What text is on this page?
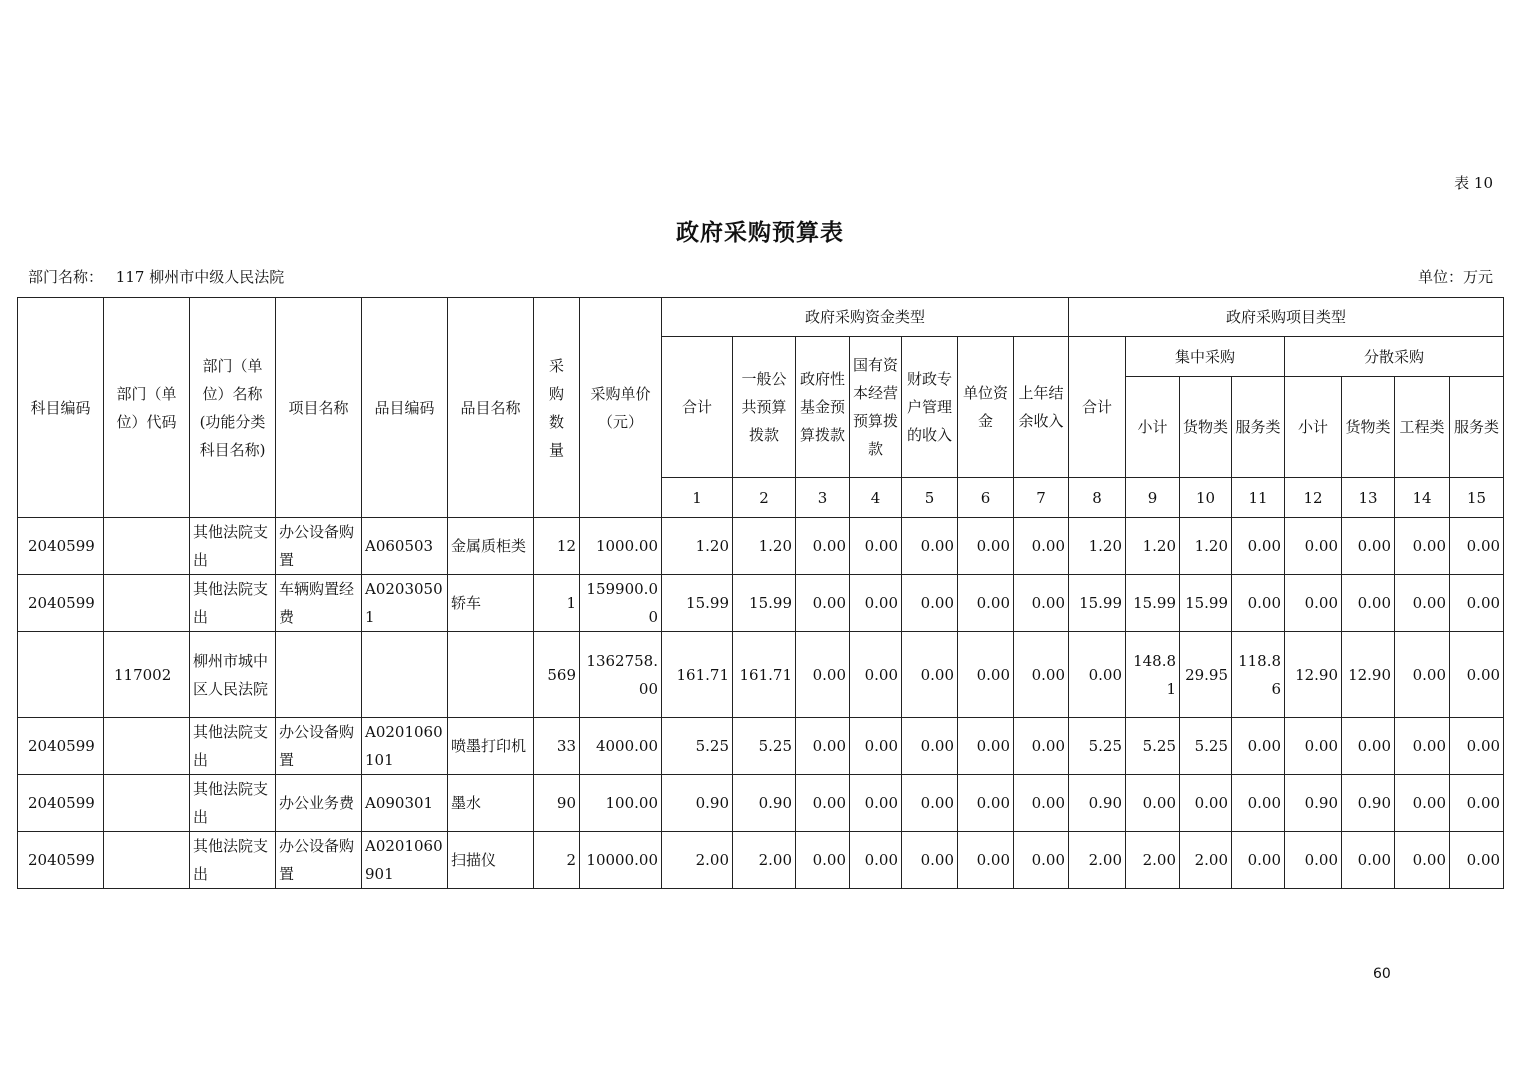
表 10
政府采购预算表
部门名称： 117 柳州市中级人民法院	单位：万元
科目编码	部门（单位）代码	部门（单位）名称(功能分类科目名称)	项目名称	品目编码	品目名称	采购数量	采购单价（元）	政府采购资金类型							政府采购项目类型							
								合计	一般公共预算拨款	政府性基金预算拨款	国有资本经营预算拨款	财政专户管理的收入	单位资金	上年结余收入	合计	集中采购			分散采购			
																小计	货物类	服务类	小计	货物类	工程类	服务类
								1	2	3	4	5	6	7	8	9	10	11	12	13	14	15
2040599		其他法院支出	办公设备购置	A060503	金属质柜类	12	1000.00	1.20	1.20	0.00	0.00	0.00	0.00	0.00	1.20	1.20	1.20	0.00	0.00	0.00	0.00	0.00
2040599		其他法院支出	车辆购置经费	A02030501	轿车	1	159900.00	15.99	15.99	0.00	0.00	0.00	0.00	0.00	15.99	15.99	15.99	0.00	0.00	0.00	0.00	0.00
	117002	柳州市城中区人民法院				569	1362758.00	161.71	161.71	0.00	0.00	0.00	0.00	0.00	0.00	148.81	29.95	118.86	12.90	12.90	0.00	0.00
2040599		其他法院支出	办公设备购置	A0201060101	喷墨打印机	33	4000.00	5.25	5.25	0.00	0.00	0.00	0.00	0.00	5.25	5.25	5.25	0.00	0.00	0.00	0.00	0.00
2040599		其他法院支出	办公业务费	A090301	墨水	90	100.00	0.90	0.90	0.00	0.00	0.00	0.00	0.00	0.90	0.00	0.00	0.00	0.90	0.90	0.00	0.00
2040599		其他法院支出	办公设备购置	A0201060901	扫描仪	2	10000.00	2.00	2.00	0.00	0.00	0.00	0.00	0.00	2.00	2.00	2.00	0.00	0.00	0.00	0.00	0.00
60
